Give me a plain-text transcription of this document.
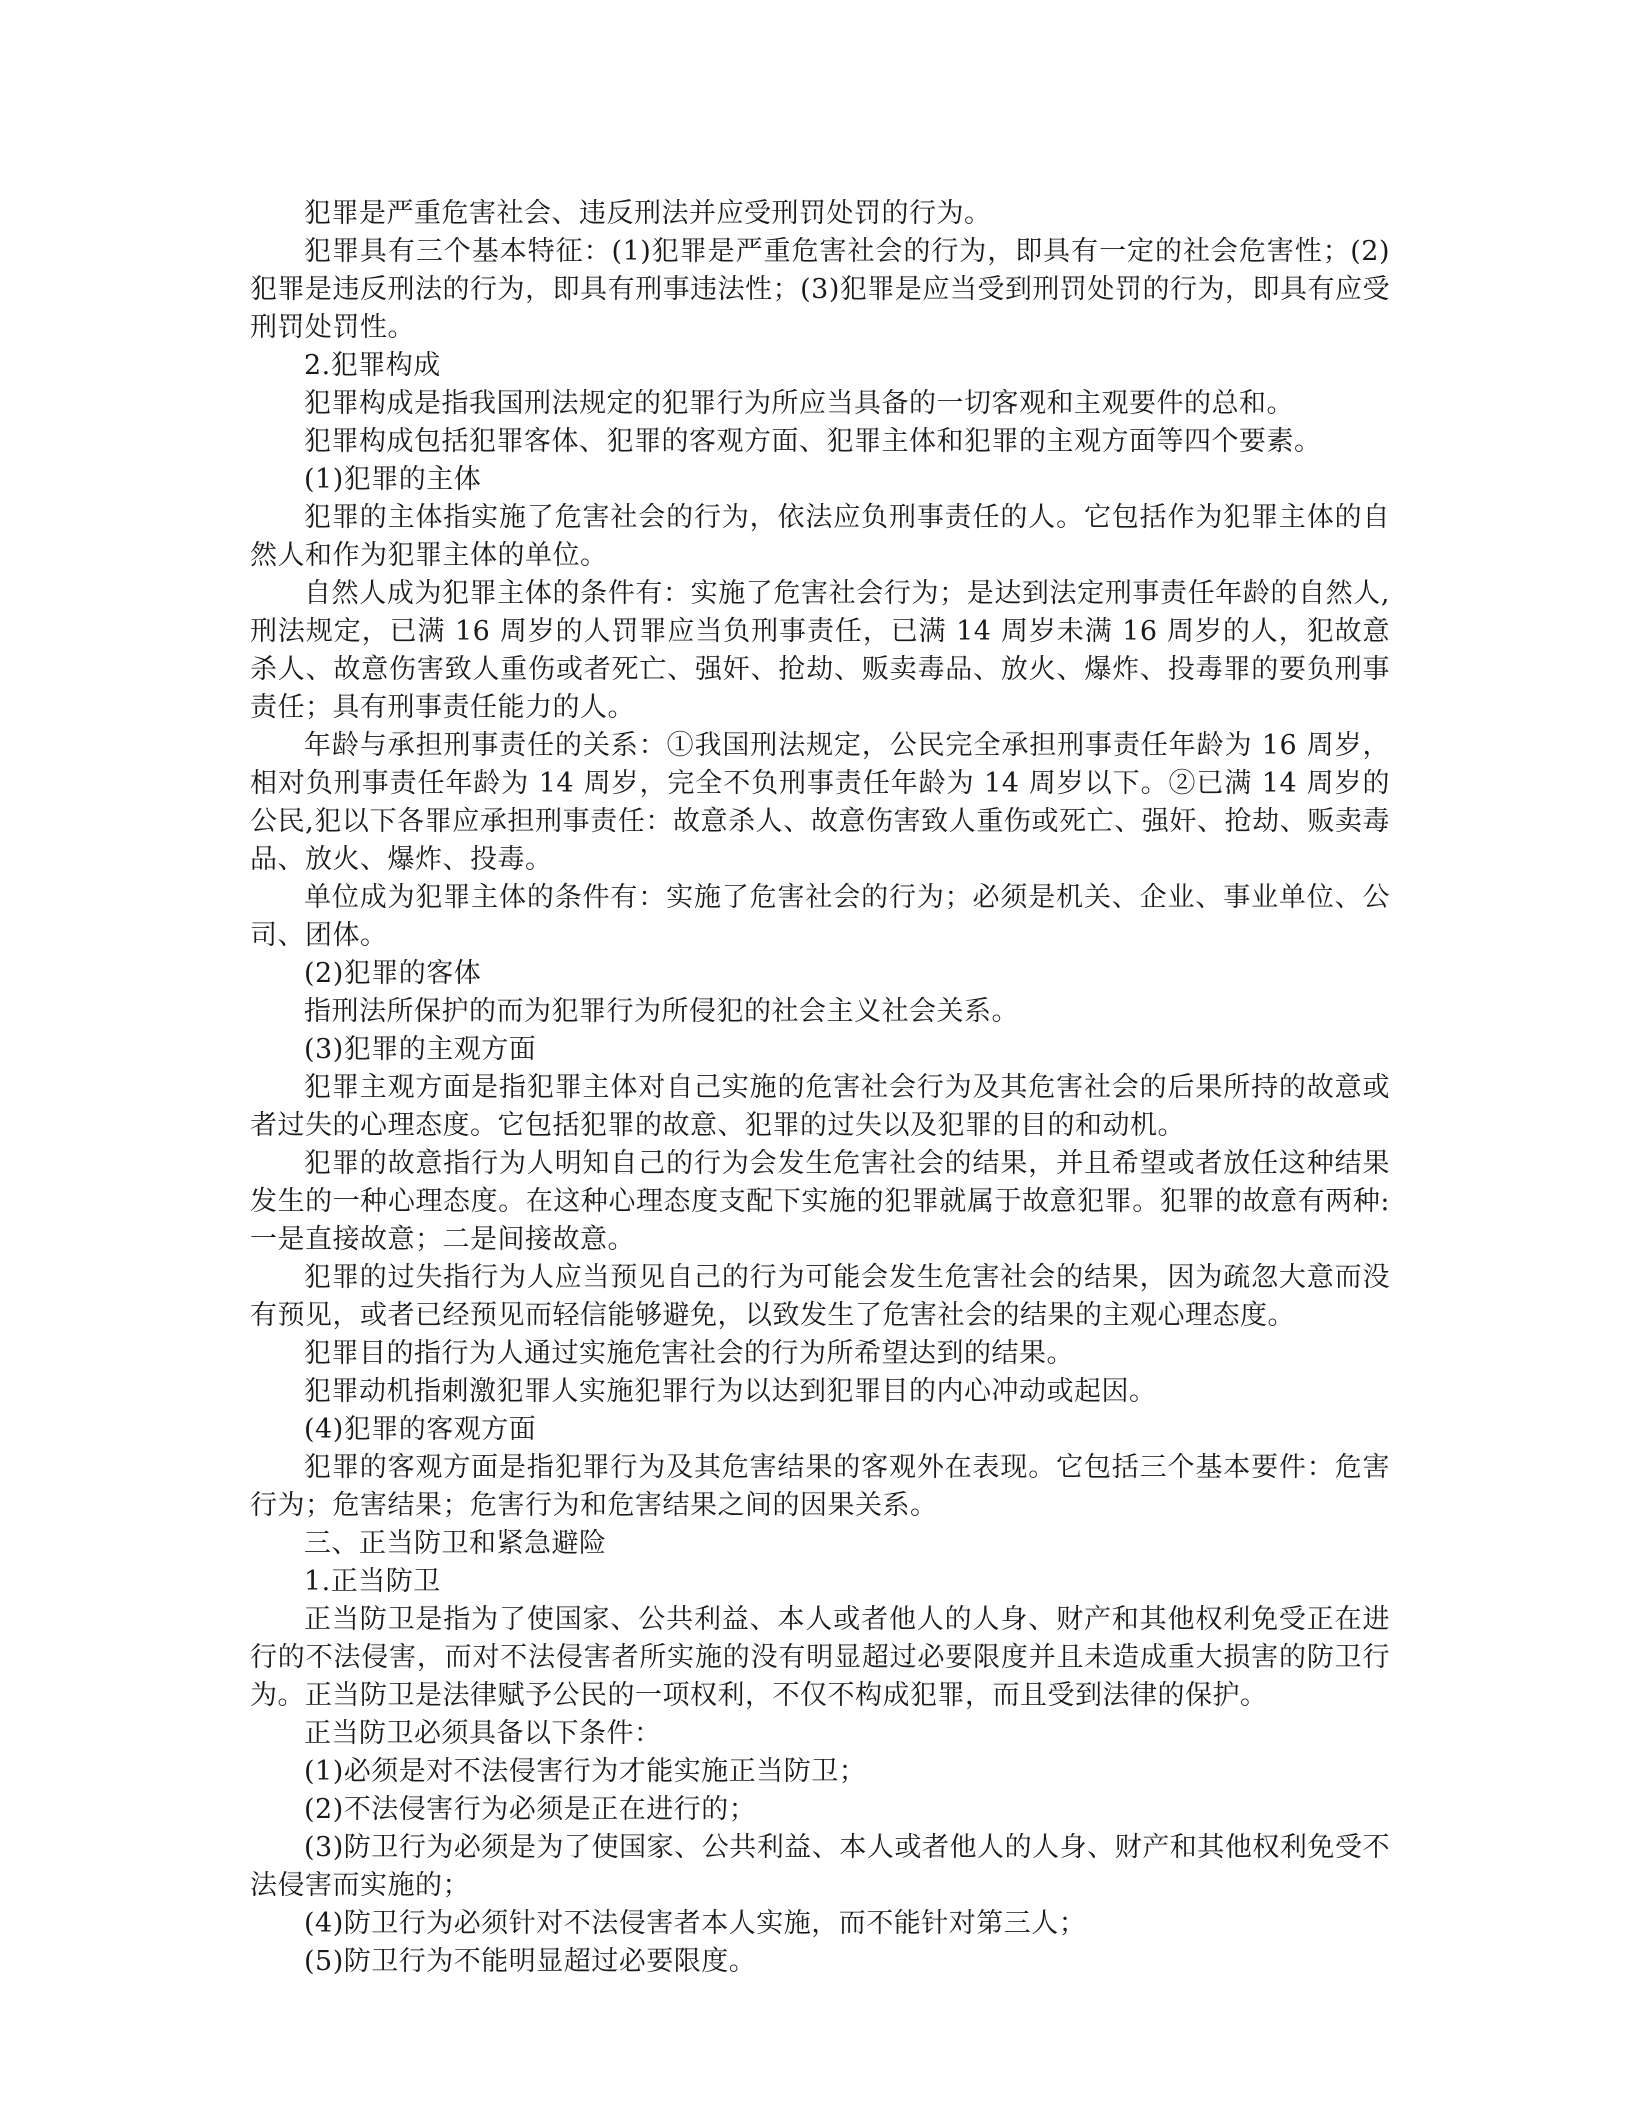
犯罪是严重危害社会、违反刑法并应受刑罚处罚的行为。

犯罪具有三个基本特征：(1)犯罪是严重危害社会的行为，即具有一定的社会危害性；(2)犯罪是违反刑法的行为，即具有刑事违法性；(3)犯罪是应当受到刑罚处罚的行为，即具有应受刑罚处罚性。

2.犯罪构成

犯罪构成是指我国刑法规定的犯罪行为所应当具备的一切客观和主观要件的总和。

犯罪构成包括犯罪客体、犯罪的客观方面、犯罪主体和犯罪的主观方面等四个要素。

(1)犯罪的主体

犯罪的主体指实施了危害社会的行为，依法应负刑事责任的人。它包括作为犯罪主体的自然人和作为犯罪主体的单位。

自然人成为犯罪主体的条件有：实施了危害社会行为；是达到法定刑事责任年龄的自然人,刑法规定，已满 16 周岁的人罚罪应当负刑事责任，已满 14 周岁未满 16 周岁的人，犯故意杀人、故意伤害致人重伤或者死亡、强奸、抢劫、贩卖毒品、放火、爆炸、投毒罪的要负刑事责任；具有刑事责任能力的人。

年龄与承担刑事责任的关系：①我国刑法规定，公民完全承担刑事责任年龄为 16 周岁，相对负刑事责任年龄为 14 周岁，完全不负刑事责任年龄为 14 周岁以下。②已满 14 周岁的公民,犯以下各罪应承担刑事责任：故意杀人、故意伤害致人重伤或死亡、强奸、抢劫、贩卖毒品、放火、爆炸、投毒。

单位成为犯罪主体的条件有：实施了危害社会的行为；必须是机关、企业、事业单位、公司、团体。

(2)犯罪的客体

指刑法所保护的而为犯罪行为所侵犯的社会主义社会关系。

(3)犯罪的主观方面

犯罪主观方面是指犯罪主体对自己实施的危害社会行为及其危害社会的后果所持的故意或者过失的心理态度。它包括犯罪的故意、犯罪的过失以及犯罪的目的和动机。

犯罪的故意指行为人明知自己的行为会发生危害社会的结果，并且希望或者放任这种结果发生的一种心理态度。在这种心理态度支配下实施的犯罪就属于故意犯罪。犯罪的故意有两种:一是直接故意；二是间接故意。

犯罪的过失指行为人应当预见自己的行为可能会发生危害社会的结果，因为疏忽大意而没有预见，或者已经预见而轻信能够避免，以致发生了危害社会的结果的主观心理态度。

犯罪目的指行为人通过实施危害社会的行为所希望达到的结果。

犯罪动机指刺激犯罪人实施犯罪行为以达到犯罪目的内心冲动或起因。

(4)犯罪的客观方面

犯罪的客观方面是指犯罪行为及其危害结果的客观外在表现。它包括三个基本要件：危害行为；危害结果；危害行为和危害结果之间的因果关系。

三、正当防卫和紧急避险

1.正当防卫

正当防卫是指为了使国家、公共利益、本人或者他人的人身、财产和其他权利免受正在进行的不法侵害，而对不法侵害者所实施的没有明显超过必要限度并且未造成重大损害的防卫行为。正当防卫是法律赋予公民的一项权利，不仅不构成犯罪，而且受到法律的保护。

正当防卫必须具备以下条件：

(1)必须是对不法侵害行为才能实施正当防卫；

(2)不法侵害行为必须是正在进行的；

(3)防卫行为必须是为了使国家、公共利益、本人或者他人的人身、财产和其他权利免受不法侵害而实施的；

(4)防卫行为必须针对不法侵害者本人实施，而不能针对第三人；

(5)防卫行为不能明显超过必要限度。
